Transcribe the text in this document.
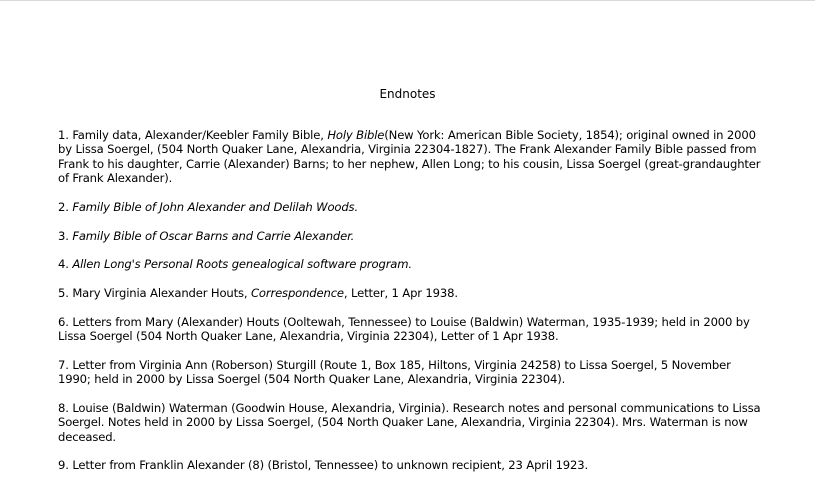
Endnotes

1. Family data, Alexander/Keebler Family Bible, Holy Bible(New York: American Bible Society, 1854); original owned in 2000 by Lissa Soergel, (504 North Quaker Lane, Alexandria, Virginia 22304-1827). The Frank Alexander Family Bible passed from Frank to his daughter, Carrie (Alexander) Barns; to her nephew, Allen Long; to his cousin, Lissa Soergel (great-grandaughter of Frank Alexander).

2. Family Bible of John Alexander and Delilah Woods.

3. Family Bible of Oscar Barns and Carrie Alexander.

4. Allen Long's Personal Roots genealogical software program.

5. Mary Virginia Alexander Houts, Correspondence, Letter, 1 Apr 1938.

6. Letters from Mary (Alexander) Houts (Ooltewah, Tennessee) to Louise (Baldwin) Waterman, 1935-1939; held in 2000 by Lissa Soergel (504 North Quaker Lane, Alexandria, Virginia 22304), Letter of 1 Apr 1938.

7. Letter from Virginia Ann (Roberson) Sturgill (Route 1, Box 185, Hiltons, Virginia 24258) to Lissa Soergel, 5 November 1990; held in 2000 by Lissa Soergel (504 North Quaker Lane, Alexandria, Virginia 22304).

8. Louise (Baldwin) Waterman (Goodwin House, Alexandria, Virginia). Research notes and personal communications to Lissa Soergel. Notes held in 2000 by Lissa Soergel, (504 North Quaker Lane, Alexandria, Virginia 22304). Mrs. Waterman is now deceased.

9. Letter from Franklin Alexander (8) (Bristol, Tennessee) to unknown recipient, 23 April 1923.
